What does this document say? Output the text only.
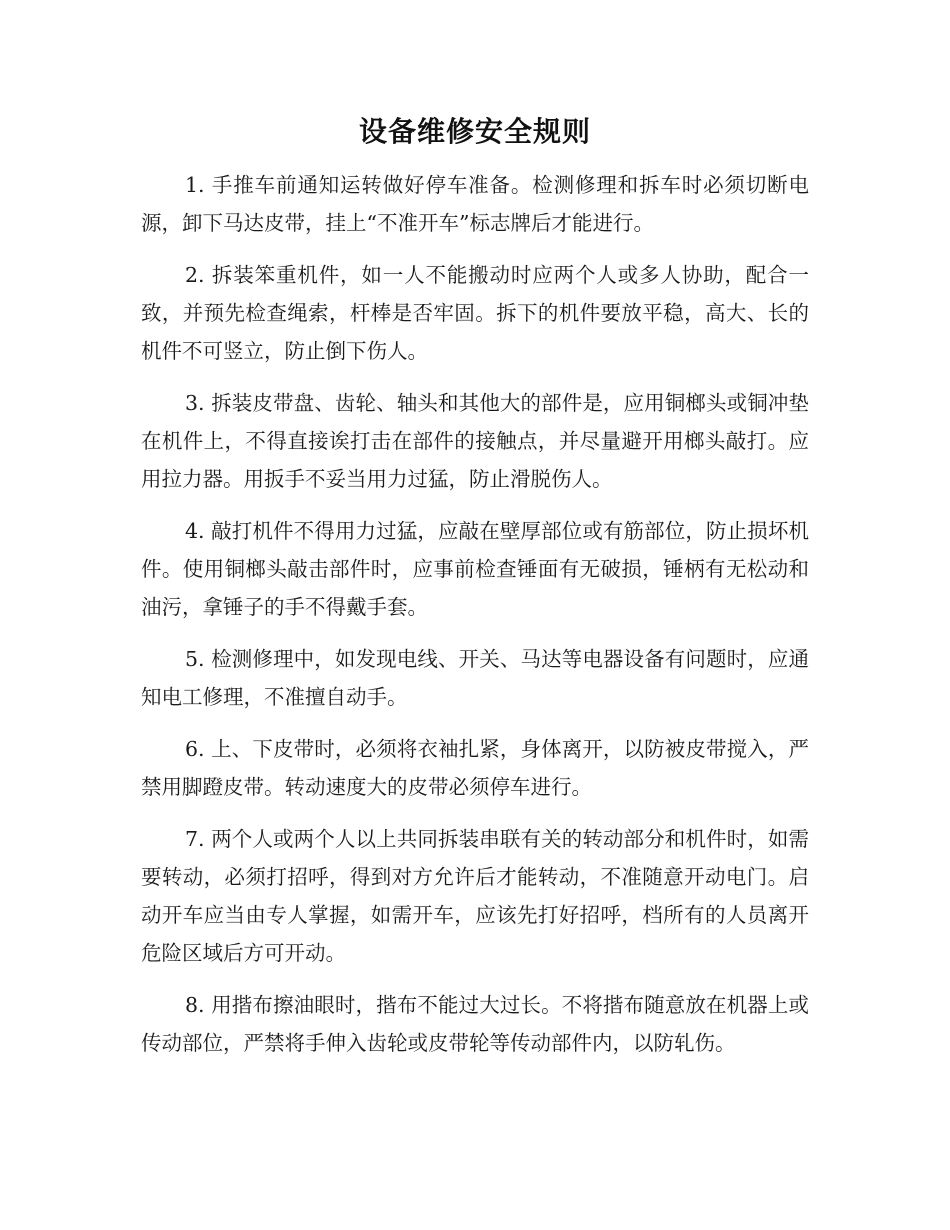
设备维修安全规则

1. 手推车前通知运转做好停车准备。检测修理和拆车时必须切断电源，卸下马达皮带，挂上“不准开车”标志牌后才能进行。

2. 拆装笨重机件，如一人不能搬动时应两个人或多人协助，配合一致，并预先检查绳索，杆棒是否牢固。拆下的机件要放平稳，高大、长的机件不可竖立，防止倒下伤人。

3. 拆装皮带盘、齿轮、轴头和其他大的部件是，应用铜榔头或铜冲垫在机件上，不得直接诶打击在部件的接触点，并尽量避开用榔头敲打。应用拉力器。用扳手不妥当用力过猛，防止滑脱伤人。

4. 敲打机件不得用力过猛，应敲在壁厚部位或有筋部位，防止损坏机件。使用铜榔头敲击部件时，应事前检查锤面有无破损，锤柄有无松动和油污，拿锤子的手不得戴手套。

5. 检测修理中，如发现电线、开关、马达等电器设备有问题时，应通知电工修理，不准擅自动手。

6. 上、下皮带时，必须将衣袖扎紧，身体离开，以防被皮带搅入，严禁用脚蹬皮带。转动速度大的皮带必须停车进行。

7. 两个人或两个人以上共同拆装串联有关的转动部分和机件时，如需要转动，必须打招呼，得到对方允许后才能转动，不准随意开动电门。启动开车应当由专人掌握，如需开车，应该先打好招呼，档所有的人员离开危险区域后方可开动。

8. 用揩布擦油眼时，揩布不能过大过长。不将揩布随意放在机器上或传动部位，严禁将手伸入齿轮或皮带轮等传动部件内，以防轧伤。
